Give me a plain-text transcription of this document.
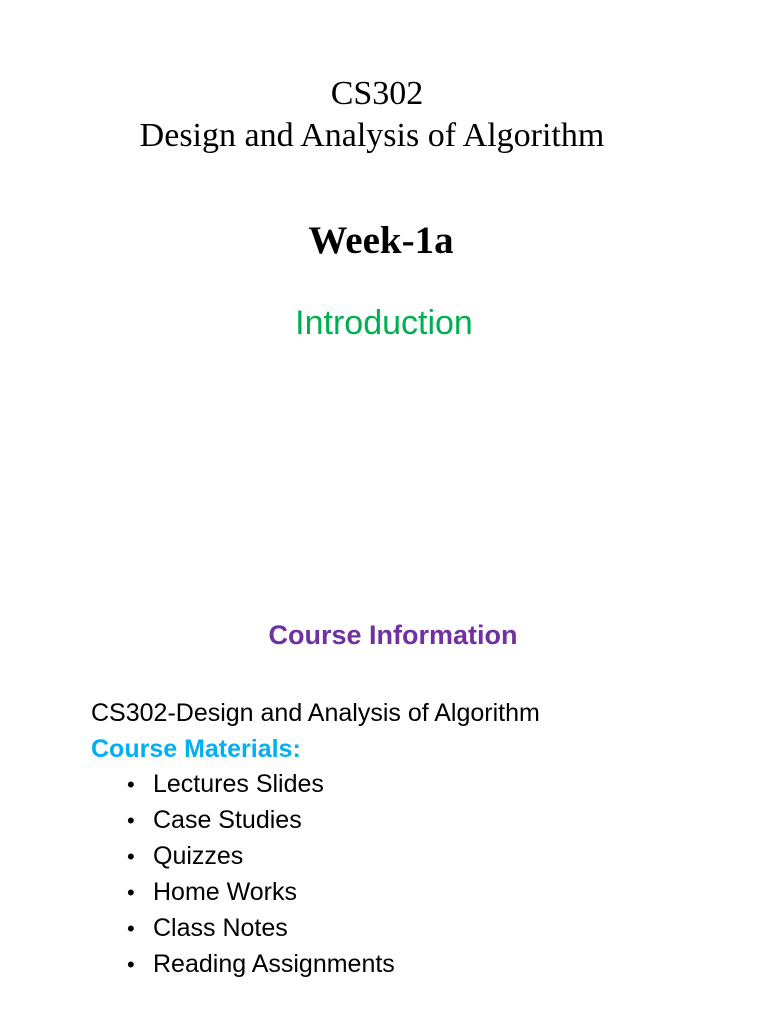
CS302
Design and Analysis of Algorithm
Week-1a
Introduction
Course Information
CS302-Design and Analysis of Algorithm
Course Materials:
• Lectures Slides
• Case Studies
• Quizzes
• Home Works
• Class Notes
• Reading Assignments
